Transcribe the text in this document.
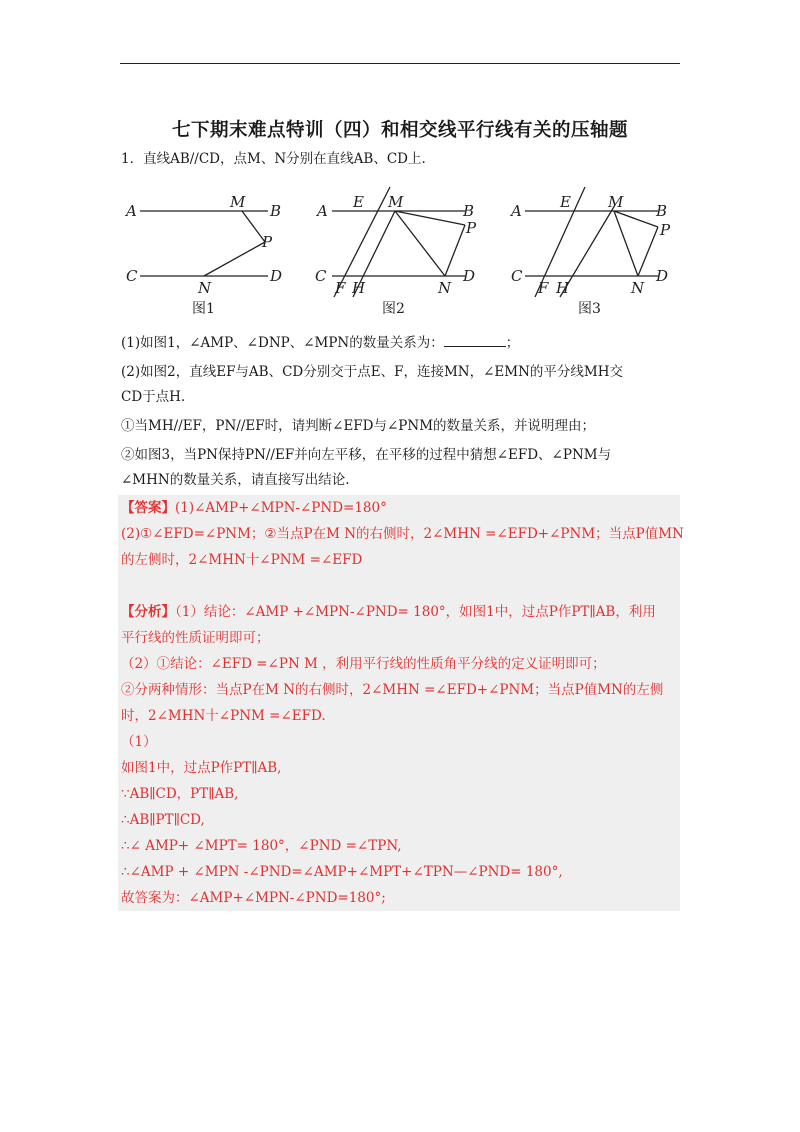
七下期末难点特训（四）和相交线平行线有关的压轴题
1．直线AB//CD，点M、N分别在直线AB、CD上.
A	B
M
P
C	D
N
A	B
E M
P
C	D
F H	N
A	B
E M
P
C	D
F H	N
图1	图2	图3
(1)如图1，∠AMP、∠DNP、∠MPN的数量关系为：	；
(2)如图2，直线EF与AB、CD分别交于点E、F，连接MN，∠EMN的平分线MH交
CD于点H.
①当MH//EF，PN//EF时，请判断∠EFD与∠PNM的数量关系，并说明理由；
②如图3，当PN保持PN//EF并向左平移，在平移的过程中猜想∠EFD、∠PNM与
∠MHN的数量关系，请直接写出结论.
【答案】(1)∠AMP+∠MPN-∠PND=180°
(2)①∠EFD=∠PNM；②当点P在M N的右侧时，2∠MHN =∠EFD+∠PNM；当点P值MN
的左侧时，2∠MHN十∠PNM =∠EFD
【分析】（1）结论：∠AMP +∠MPN-∠PND= 180°，如图1中，过点P作PT∥AB，利用
平行线的性质证明即可；
（2）①结论：∠EFD =∠PN M ，利用平行线的性质角平分线的定义证明即可；
②分两种情形：当点P在M N的右侧时，2∠MHN =∠EFD+∠PNM；当点P值MN的左侧
时，2∠MHN十∠PNM =∠EFD.
（1）
如图1中，过点P作PT∥AB,
∵AB∥CD，PT∥AB,
∴AB∥PT∥CD,
∴∠ AMP+ ∠MPT= 180°，∠PND =∠TPN,
∴∠AMP + ∠MPN -∠PND=∠AMP+∠MPT+∠TPN—∠PND= 180°,
故答案为：∠AMP+∠MPN-∠PND=180°;
